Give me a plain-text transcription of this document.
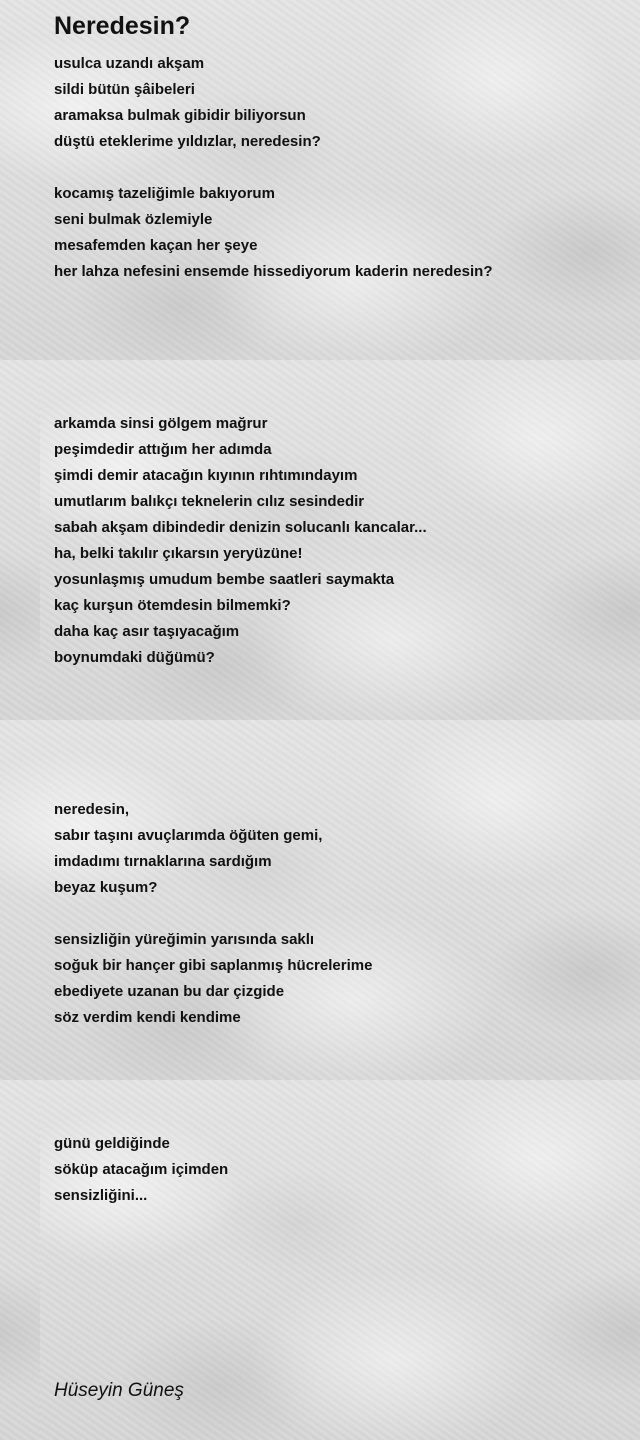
Neredesin?
usulca uzandı akşam
sildi bütün şâibeleri
aramaksa bulmak gibidir biliyorsun
düştü eteklerime yıldızlar, neredesin?
kocamış tazeliğimle bakıyorum
seni bulmak özlemiyle
mesafemden kaçan her şeye
her lahza nefesini ensemde hissediyorum kaderin neredesin?
arkamda sinsi gölgem mağrur
peşimdedir attığım her adımda
şimdi demir atacağın kıyının rıhtımındayım
umutlarım balıkçı teknelerin cılız sesindedir
sabah akşam dibindedir denizin solucanlı kancalar...
ha, belki takılır çıkarsın yeryüzüne!
yosunlaşmış umudum bembe saatleri saymakta
kaç kurşun ötemdesin bilmemki?
daha kaç asır taşıyacağım
boynumdaki düğümü?
neredesin,
sabır taşını avuçlarımda öğüten gemi,
imdadımı tırnaklarına sardığım
beyaz kuşum?
sensizliğin yüreğimin yarısında saklı
soğuk bir hançer gibi saplanmış hücrelerime
ebediyete uzanan bu dar çizgide
söz verdim kendi kendime
günü geldiğinde
söküp atacağım içimden
sensizliğini...
Hüseyin Güneş
